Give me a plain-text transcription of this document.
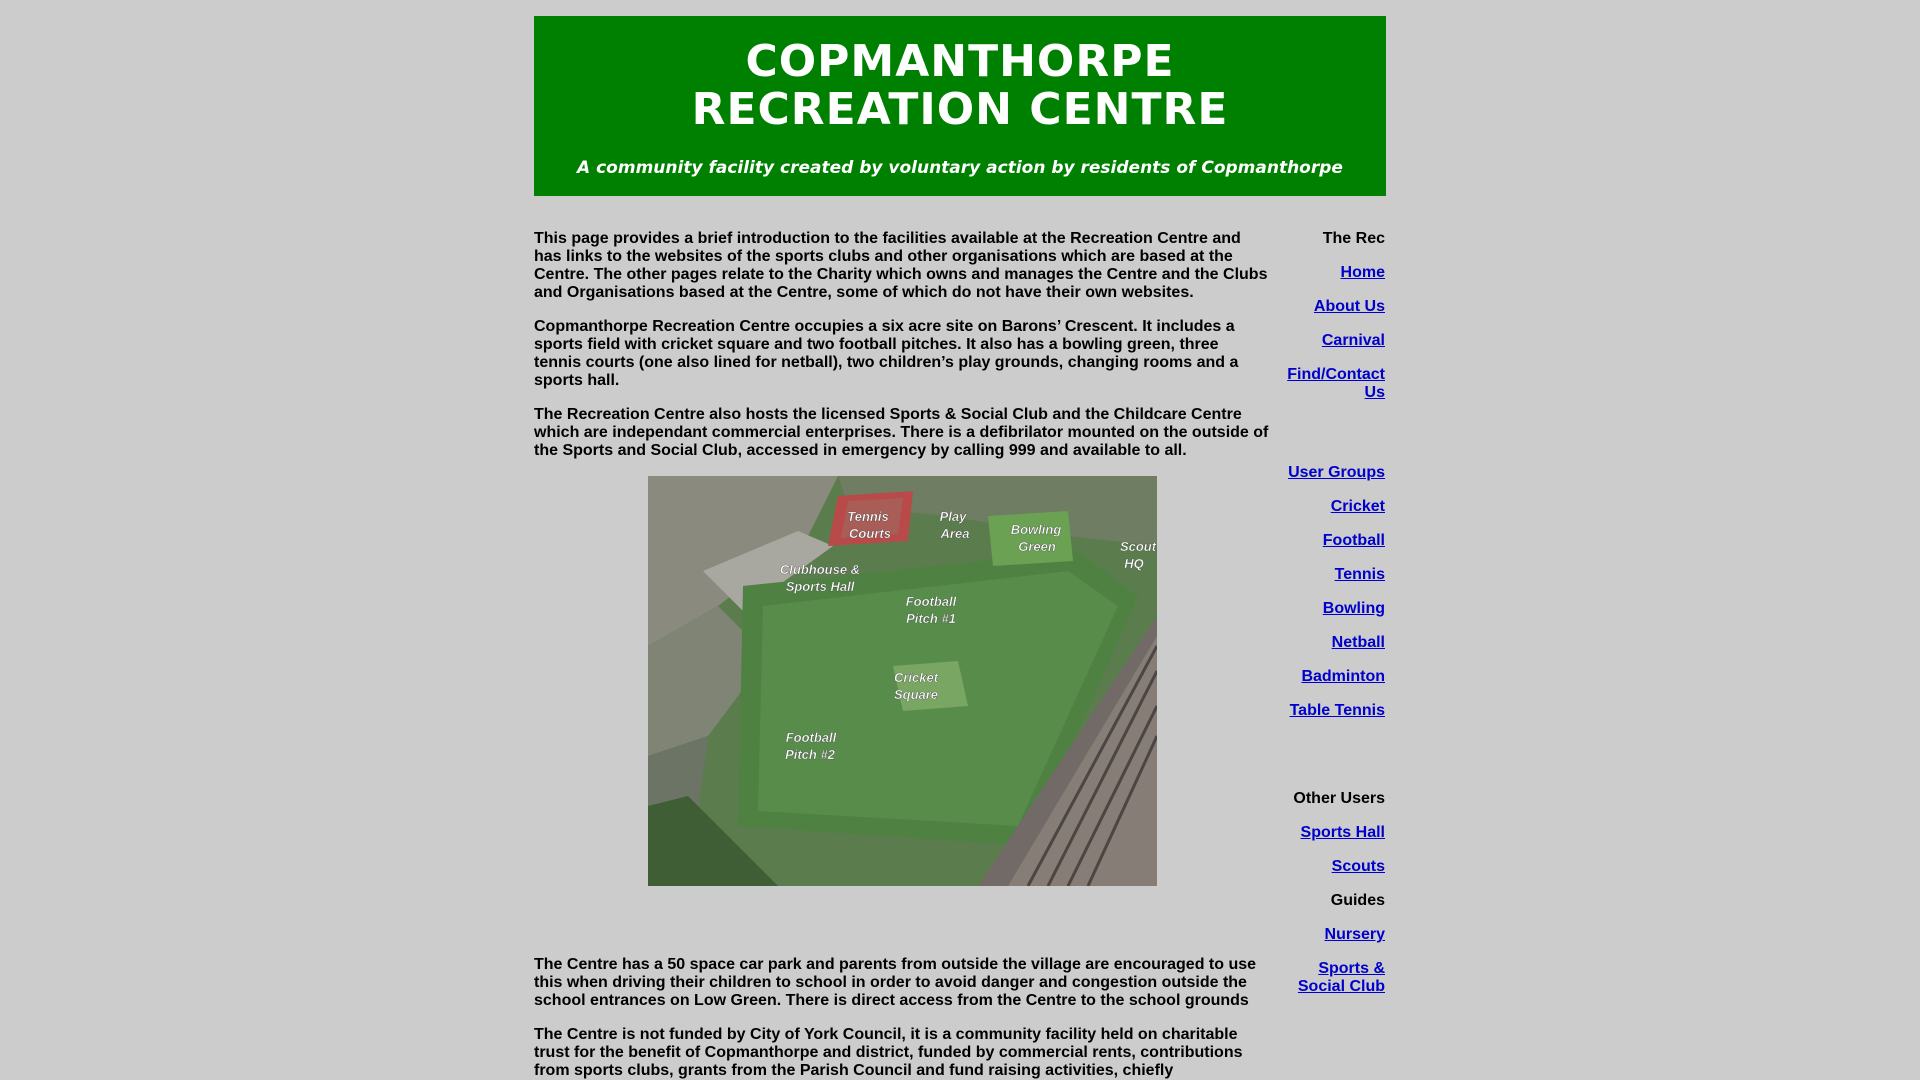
COPMANTHORPE
RECREATION CENTRE
A community facility created by voluntary action by residents of Copmanthorpe

This page provides a brief introduction to the facilities available at the Recreation Centre and has links to the websites of the sports clubs and other organisations which are based at the Centre. The other pages relate to the Charity which owns and manages the Centre and the Clubs and Organisations based at the Centre, some of which do not have their own websites.

Copmanthorpe Recreation Centre occupies a six acre site on Barons’ Crescent. It includes a sports field with cricket square and two football pitches. It also has a bowling green, three tennis courts (one also lined for netball), two children’s play grounds, changing rooms and a sports hall.

The Recreation Centre also hosts the licensed Sports & Social Club and the Childcare Centre which are independant commercial enterprises. There is a defibrilator mounted on the outside of the Sports and Social Club, accessed in emergency by calling 999 and available to all.

Tennis
Courts
Play
Area	Bowling
Green	Scout
HQ
Clubhouse &
Sports Hall
Football
Pitch #1
Cricket
Square
Football
Pitch #2

The Centre has a 50 space car park and parents from outside the village are encouraged to use this when driving their children to school in order to avoid danger and congestion outside the school entrances on Low Green. There is direct access from the Centre to the school grounds

The Centre is not funded by City of York Council, it is a community facility held on charitable trust for the benefit of Copmanthorpe and district, funded by commercial rents, contributions from sports clubs, grants from the Parish Council and fund raising activities, chiefly

The Rec
Home
About Us
Carnival
Find/Contact Us
User Groups
Cricket
Football
Tennis
Bowling
Netball
Badminton
Table Tennis
Other Users
Sports Hall
Scouts
Guides
Nursery
Sports & Social Club
